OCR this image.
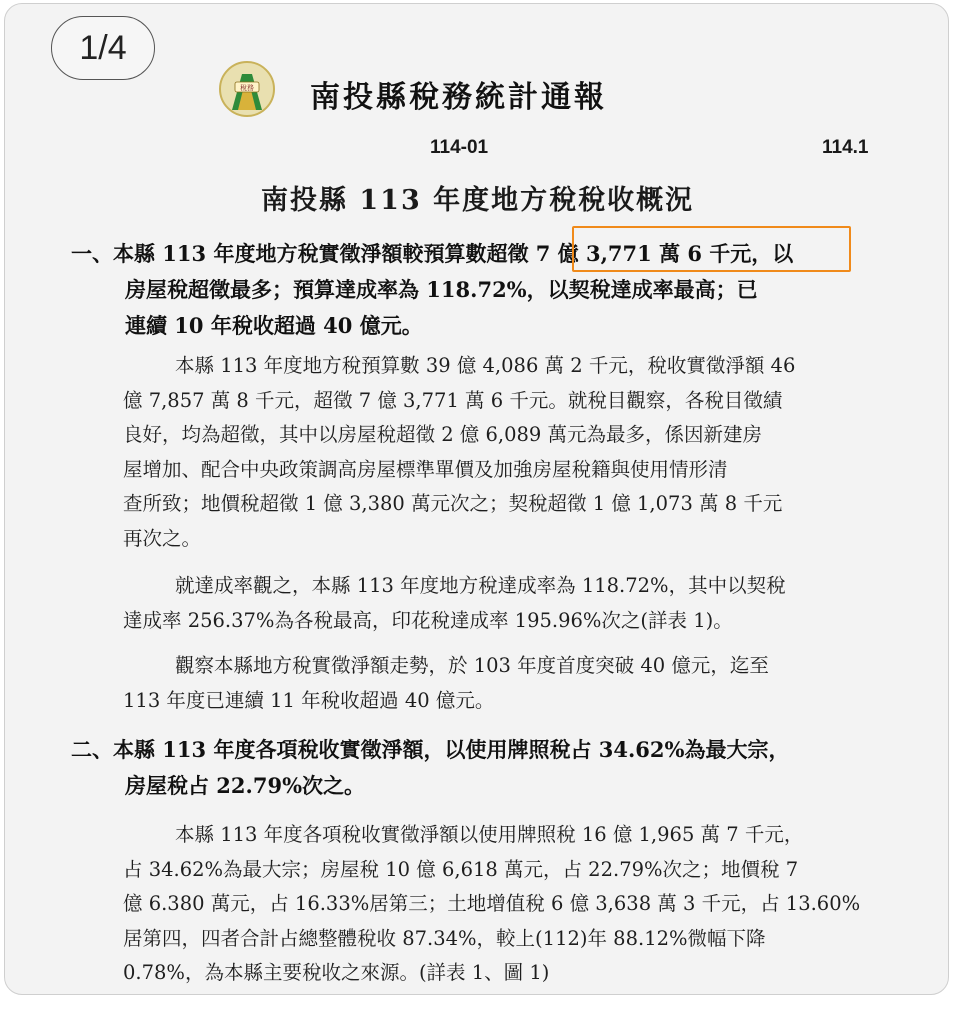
1/4
稅務 南投縣稅務統計通報
114-01	114.1
南投縣 113 年度地方稅稅收概況
一、本縣 113 年度地方稅實徵淨額較預算數超徵 7 億 3,771 萬 6 千元，以
房屋稅超徵最多；預算達成率為 118.72%，以契稅達成率最高；已
連續 10 年稅收超過 40 億元。
本縣 113 年度地方稅預算數 39 億 4,086 萬 2 千元，稅收實徵淨額 46
億 7,857 萬 8 千元，超徵 7 億 3,771 萬 6 千元。就稅目觀察，各稅目徵績
良好，均為超徵，其中以房屋稅超徵 2 億 6,089 萬元為最多，係因新建房
屋增加、配合中央政策調高房屋標準單價及加強房屋稅籍與使用情形清
查所致；地價稅超徵 1 億 3,380 萬元次之；契稅超徵 1 億 1,073 萬 8 千元
再次之。
就達成率觀之，本縣 113 年度地方稅達成率為 118.72%，其中以契稅
達成率 256.37%為各稅最高，印花稅達成率 195.96%次之(詳表 1)。
觀察本縣地方稅實徵淨額走勢，於 103 年度首度突破 40 億元，迄至
113 年度已連續 11 年稅收超過 40 億元。
二、本縣 113 年度各項稅收實徵淨額，以使用牌照稅占 34.62%為最大宗，
房屋稅占 22.79%次之。
本縣 113 年度各項稅收實徵淨額以使用牌照稅 16 億 1,965 萬 7 千元，
占 34.62%為最大宗；房屋稅 10 億 6,618 萬元，占 22.79%次之；地價稅 7
億 6.380 萬元，占 16.33%居第三；土地增值稅 6 億 3,638 萬 3 千元，占 13.60%
居第四，四者合計占總整體稅收 87.34%，較上(112)年 88.12%微幅下降
0.78%，為本縣主要稅收之來源。(詳表 1、圖 1)
